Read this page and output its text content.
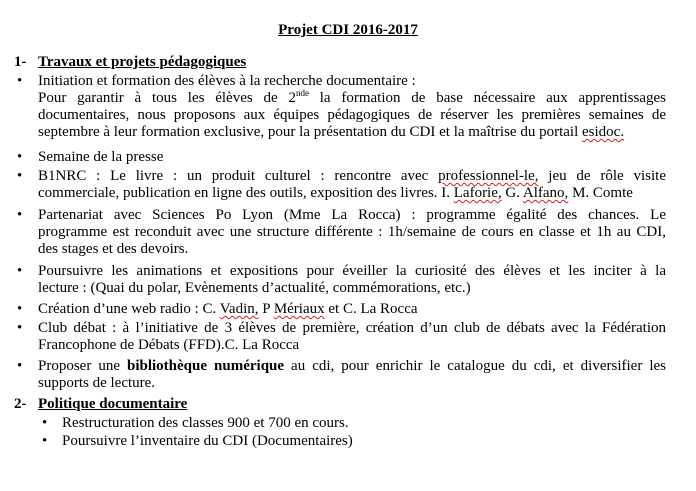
Projet CDI 2016-2017
1- Travaux et projets pédagogiques
• Initiation et formation des élèves à la recherche documentaire :
Pour garantir à tous les élèves de 2nde la formation de base nécessaire aux apprentissages
documentaires, nous proposons aux équipes pédagogiques de réserver les premières semaines de
septembre à leur formation exclusive, pour la présentation du CDI et la maîtrise du portail esidoc.
• Semaine de la presse
• B1NRC : Le livre : un produit culturel : rencontre avec professionnel-le, jeu de rôle visite
commerciale, publication en ligne des outils, exposition des livres. I. Laforie, G. Alfano, M. Comte
• Partenariat avec Sciences Po Lyon (Mme La Rocca) : programme égalité des chances. Le
programme est reconduit avec une structure différente : 1h/semaine de cours en classe et 1h au CDI,
des stages et des devoirs.
• Poursuivre les animations et expositions pour éveiller la curiosité des élèves et les inciter à la
lecture : (Quai du polar, Evènements d’actualité, commémorations, etc.)
• Création d’une web radio : C. Vadin, P Mériaux et C. La Rocca
• Club débat : à l’initiative de 3 élèves de première, création d’un club de débats avec la Fédération
Francophone de Débats (FFD).C. La Rocca
• Proposer une bibliothèque numérique au cdi, pour enrichir le catalogue du cdi, et diversifier les
supports de lecture.
2- Politique documentaire
• Restructuration des classes 900 et 700 en cours.
• Poursuivre l’inventaire du CDI (Documentaires)
